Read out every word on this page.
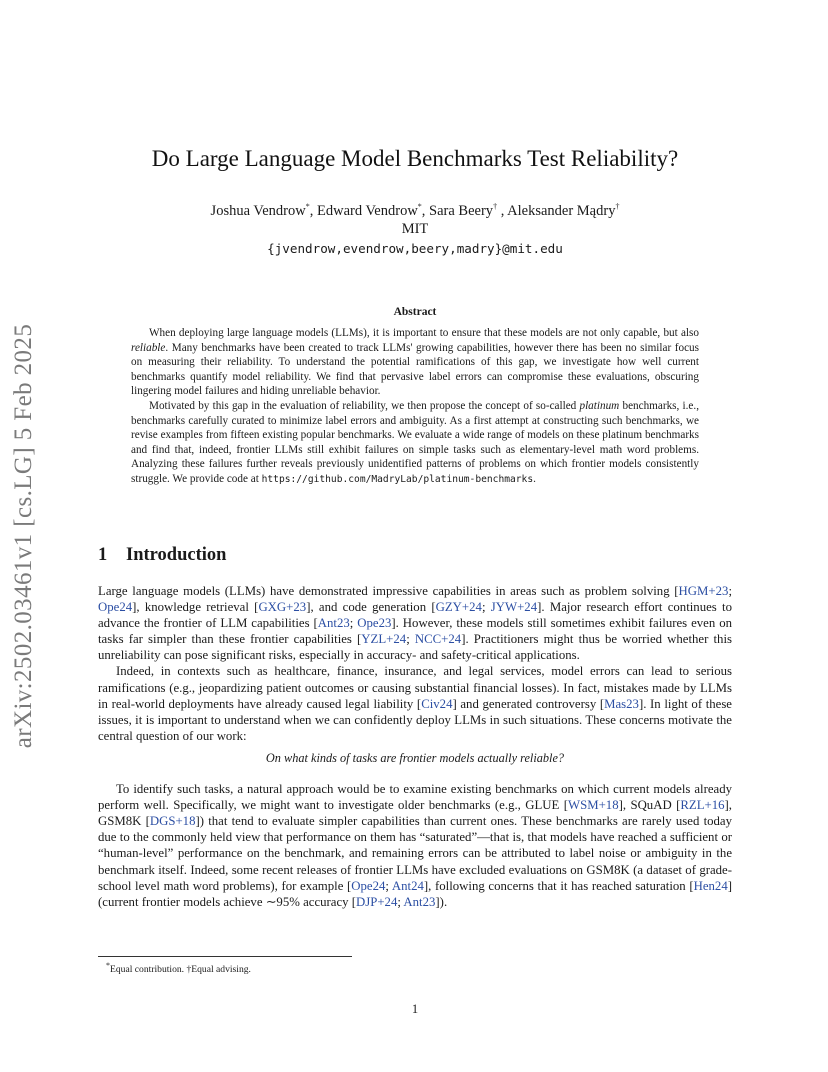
arXiv:2502.03461v1 [cs.LG] 5 Feb 2025
Do Large Language Model Benchmarks Test Reliability?
Joshua Vendrow*, Edward Vendrow*, Sara Beery† , Aleksander Mądry†
MIT
{jvendrow,evendrow,beery,madry}@mit.edu
Abstract

When deploying large language models (LLMs), it is important to ensure that these models are not only capable, but also reliable. Many benchmarks have been created to track LLMs' growing capabilities, however there has been no similar focus on measuring their reliability. To understand the potential ramifications of this gap, we investigate how well current benchmarks quantify model reliability. We find that pervasive label errors can compromise these evaluations, obscuring lingering model failures and hiding unreliable behavior.

Motivated by this gap in the evaluation of reliability, we then propose the concept of so-called platinum benchmarks, i.e., benchmarks carefully curated to minimize label errors and ambiguity. As a first attempt at constructing such benchmarks, we revise examples from fifteen existing popular benchmarks. We evaluate a wide range of models on these platinum benchmarks and find that, indeed, frontier LLMs still exhibit failures on simple tasks such as elementary-level math word problems. Analyzing these failures further reveals previously unidentified patterns of problems on which frontier models consistently struggle. We provide code at https://github.com/MadryLab/platinum-benchmarks.

1 Introduction

Large language models (LLMs) have demonstrated impressive capabilities in areas such as problem solving [HGM+23; Ope24], knowledge retrieval [GXG+23], and code generation [GZY+24; JYW+24]. Major research effort continues to advance the frontier of LLM capabilities [Ant23; Ope23]. However, these models still sometimes exhibit failures even on tasks far simpler than these frontier capabilities [YZL+24; NCC+24]. Practitioners might thus be worried whether this unreliability can pose significant risks, especially in accuracy- and safety-critical applications.

Indeed, in contexts such as healthcare, finance, insurance, and legal services, model errors can lead to serious ramifications (e.g., jeopardizing patient outcomes or causing substantial financial losses). In fact, mistakes made by LLMs in real-world deployments have already caused legal liability [Civ24] and generated controversy [Mas23]. In light of these issues, it is important to understand when we can confidently deploy LLMs in such situations. These concerns motivate the central question of our work:

On what kinds of tasks are frontier models actually reliable?

To identify such tasks, a natural approach would be to examine existing benchmarks on which current models already perform well. Specifically, we might want to investigate older benchmarks (e.g., GLUE [WSM+18], SQuAD [RZL+16], GSM8K [DGS+18]) that tend to evaluate simpler capabilities than current ones. These benchmarks are rarely used today due to the commonly held view that performance on them has “saturated”—that is, that models have reached a sufficient or “human-level” performance on the benchmark, and remaining errors can be attributed to label noise or ambiguity in the benchmark itself. Indeed, some recent releases of frontier LLMs have excluded evaluations on GSM8K (a dataset of grade-school level math word problems), for example [Ope24; Ant24], following concerns that it has reached saturation [Hen24] (current frontier models achieve ∼95% accuracy [DJP+24; Ant23]).

*Equal contribution. †Equal advising.
1
